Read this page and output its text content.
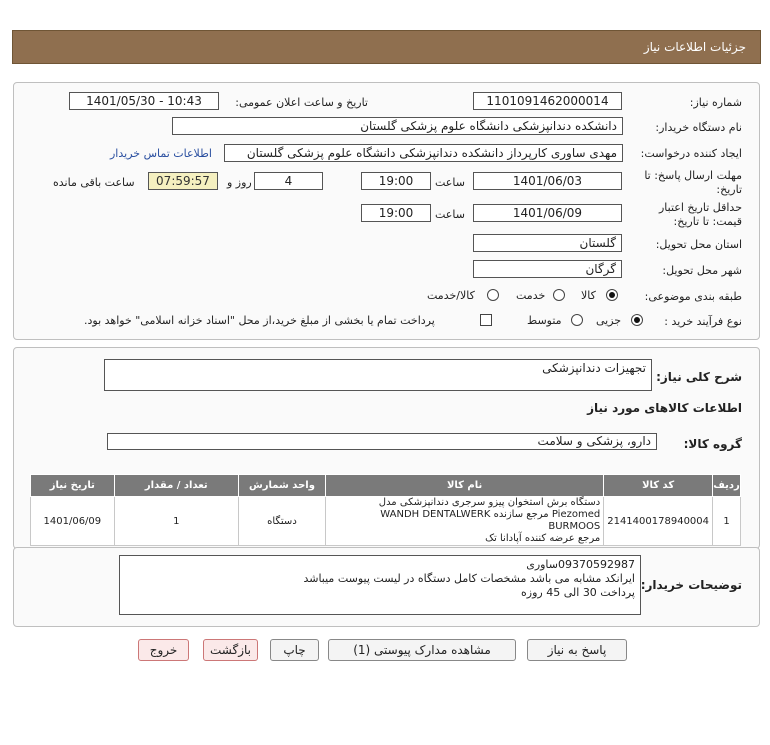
جزئيات اطلاعات نياز
شماره نياز:
1101091462000014
تاريخ و ساعت اعلان عمومی:
1401/05/30 - 10:43
نام دستگاه خريدار:
دانشکده دندانپزشکی دانشگاه علوم پزشکی گلستان
ايجاد کننده درخواست:
مهدی ساوری کارپرداز دانشکده دندانپزشکی دانشگاه علوم پزشکی گلستان
اطلاعات تماس خريدار
مهلت ارسال پاسخ: تا
تاريخ:
1401/06/03
ساعت
19:00
4
روز و
07:59:57
ساعت باقی مانده
حداقل تاريخ اعتبار
قيمت: تا تاريخ:
1401/06/09
ساعت
19:00
استان محل تحويل:
گلستان
شهر محل تحويل:
گرگان
طبقه بندی موضوعی:
کالا
خدمت
کالا/خدمت
نوع فرآيند خريد :
جزيی
متوسط
پرداخت تمام يا بخشی از مبلغ خريد،از محل "اسناد خزانه اسلامی" خواهد بود.
شرح کلی نياز:
تجهيزات دندانپزشکی
اطلاعات کالاهای مورد نياز
گروه کالا:
دارو، پزشکی و سلامت
رديف	کد کالا	نام کالا	واحد شمارش	تعداد / مقدار	تاريخ نياز
1	2141400178940004	دستگاه برش استخوان پيزو سرجری دندانپزشکی مدل
Piezomed مرجع سازنده WANDH DENTALWERK BURMOOS
مرجع عرضه کننده آپادانا تک	دستگاه	1	1401/06/09
توضيحات خريدار:
09370592987ساوری
ايرانکد مشابه می باشد مشخصات کامل دستگاه در ليست پيوست ميباشد
پرداخت 30 الی 45 روزه
پاسخ به نياز
مشاهده مدارک پيوستی (1)
چاپ
بازگشت
خروج
